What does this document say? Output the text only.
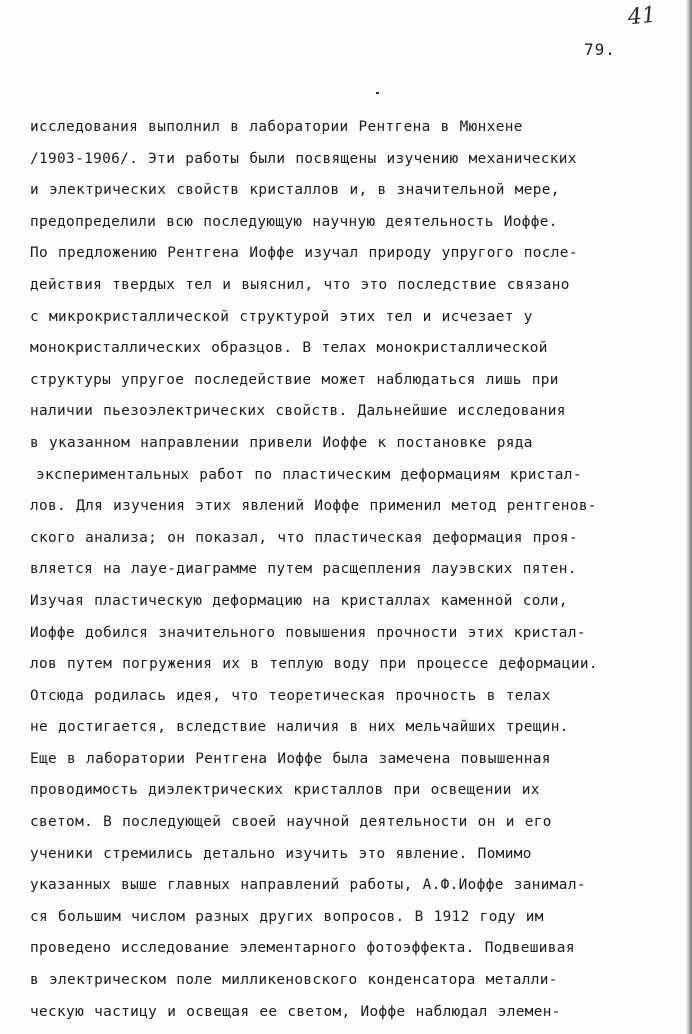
41
79.
исследования выполнил в лаборатории Рентгена в Мюнхене
/1903-1906/. Эти работы были посвящены изучению механических
и электрических свойств кристаллов и, в значительной мере,
предопределили всю последующую научную деятельность Иоффе.
По предложению Рентгена Иоффе изучал природу упругого после-
действия твердых тел и выяснил, что это последствие связано
с микрокристаллической структурой этих тел и исчезает у
монокристаллических образцов. В телах монокристаллической
структуры упругое последействие может наблюдаться лишь при
наличии пьезоэлектрических свойств. Дальнейшие исследования
в указанном направлении привели Иоффе к постановке ряда
экспериментальных работ по пластическим деформациям кристал-
лов. Для изучения этих явлений Иоффе применил метод рентгенов-
ского анализа; он показал, что пластическая деформация проя-
вляется на лауе-диаграмме путем расщепления лауэвских пятен.
Изучая пластическую деформацию на кристаллах каменной соли,
Иоффе добился значительного повышения прочности этих кристал-
лов путем погружения их в теплую воду при процессе деформации.
Отсюда родилась идея, что теоретическая прочность в телах
не достигается, вследствие наличия в них мельчайших трещин.
Еще в лаборатории Рентгена Иоффе была замечена повышенная
проводимость диэлектрических кристаллов при освещении их
светом. В последующей своей научной деятельности он и его
ученики стремились детально изучить это явление. Помимо
указанных выше главных направлений работы, А.Ф.Иоффе занимал-
ся большим числом разных других вопросов. В 1912 году им
проведено исследование элементарного фотоэффекта. Подвешивая
в электрическом поле милликеновского конденсатора металли-
ческую частицу и освещая ее светом, Иоффе наблюдал элемен-
